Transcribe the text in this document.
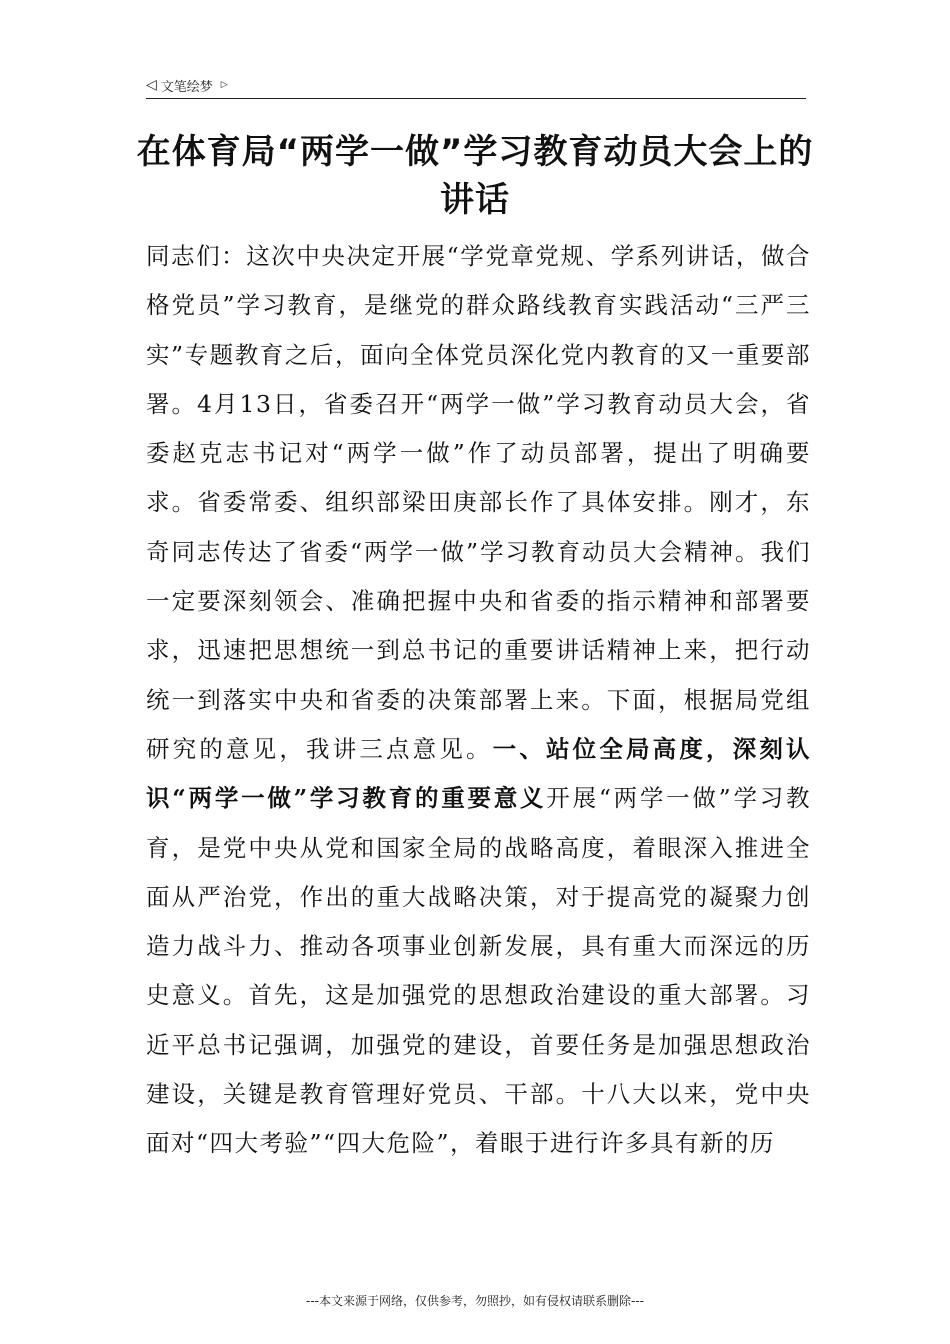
◁ 文笔绘梦 ▷
在体育局“两学一做”学习教育动员大会上的讲话

同志们：这次中央决定开展“学党章党规、学系列讲话，做合格党员”学习教育，是继党的群众路线教育实践活动“三严三实”专题教育之后，面向全体党员深化党内教育的又一重要部署。4月13日，省委召开“两学一做”学习教育动员大会，省委赵克志书记对“两学一做”作了动员部署，提出了明确要求。省委常委、组织部梁田庚部长作了具体安排。刚才，东奇同志传达了省委“两学一做”学习教育动员大会精神。我们一定要深刻领会、准确把握中央和省委的指示精神和部署要求，迅速把思想统一到总书记的重要讲话精神上来，把行动统一到落实中央和省委的决策部署上来。下面，根据局党组研究的意见，我讲三点意见。一、站位全局高度，深刻认识“两学一做”学习教育的重要意义开展“两学一做”学习教育，是党中央从党和国家全局的战略高度，着眼深入推进全面从严治党，作出的重大战略决策，对于提高党的凝聚力创造力战斗力、推动各项事业创新发展，具有重大而深远的历史意义。首先，这是加强党的思想政治建设的重大部署。习近平总书记强调，加强党的建设，首要任务是加强思想政治建设，关键是教育管理好党员、干部。十八大以来，党中央面对“四大考验”“四大危险”，着眼于进行许多具有新的历

---本文来源于网络，仅供参考，勿照抄，如有侵权请联系删除---
